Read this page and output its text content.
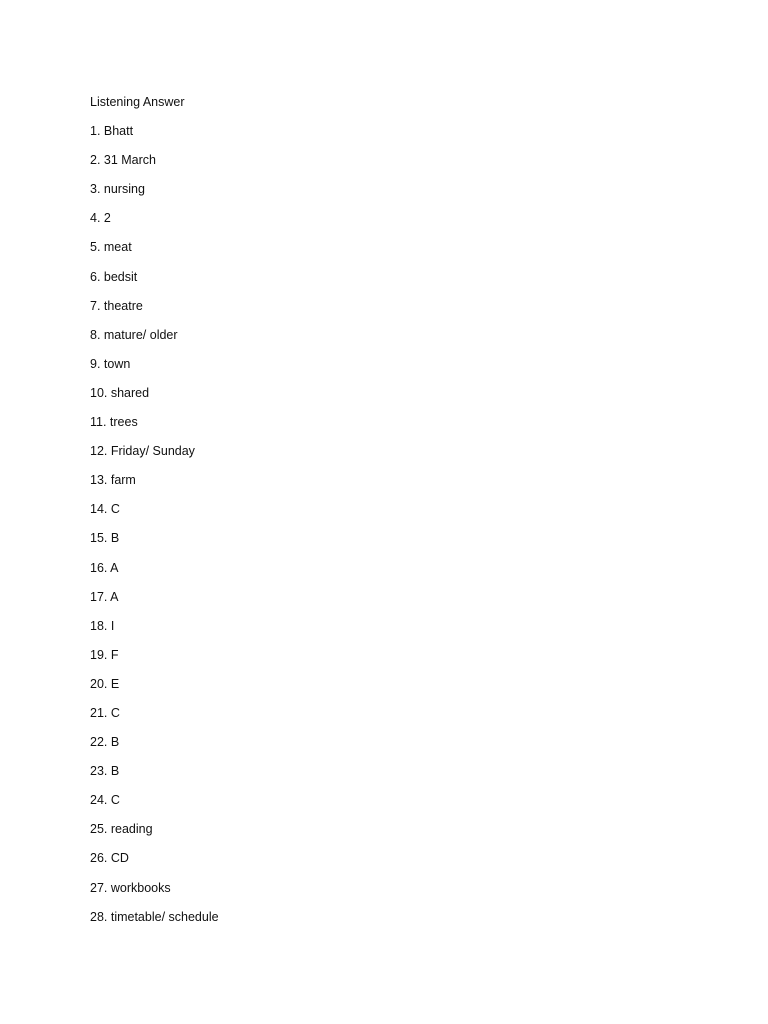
Listening Answer
1. Bhatt
2. 31 March
3. nursing
4. 2
5. meat
6. bedsit
7. theatre
8. mature/ older
9. town
10. shared
11. trees
12. Friday/ Sunday
13. farm
14. C
15. B
16. A
17. A
18. I
19. F
20. E
21. C
22. B
23. B
24. C
25. reading
26. CD
27. workbooks
28. timetable/ schedule
